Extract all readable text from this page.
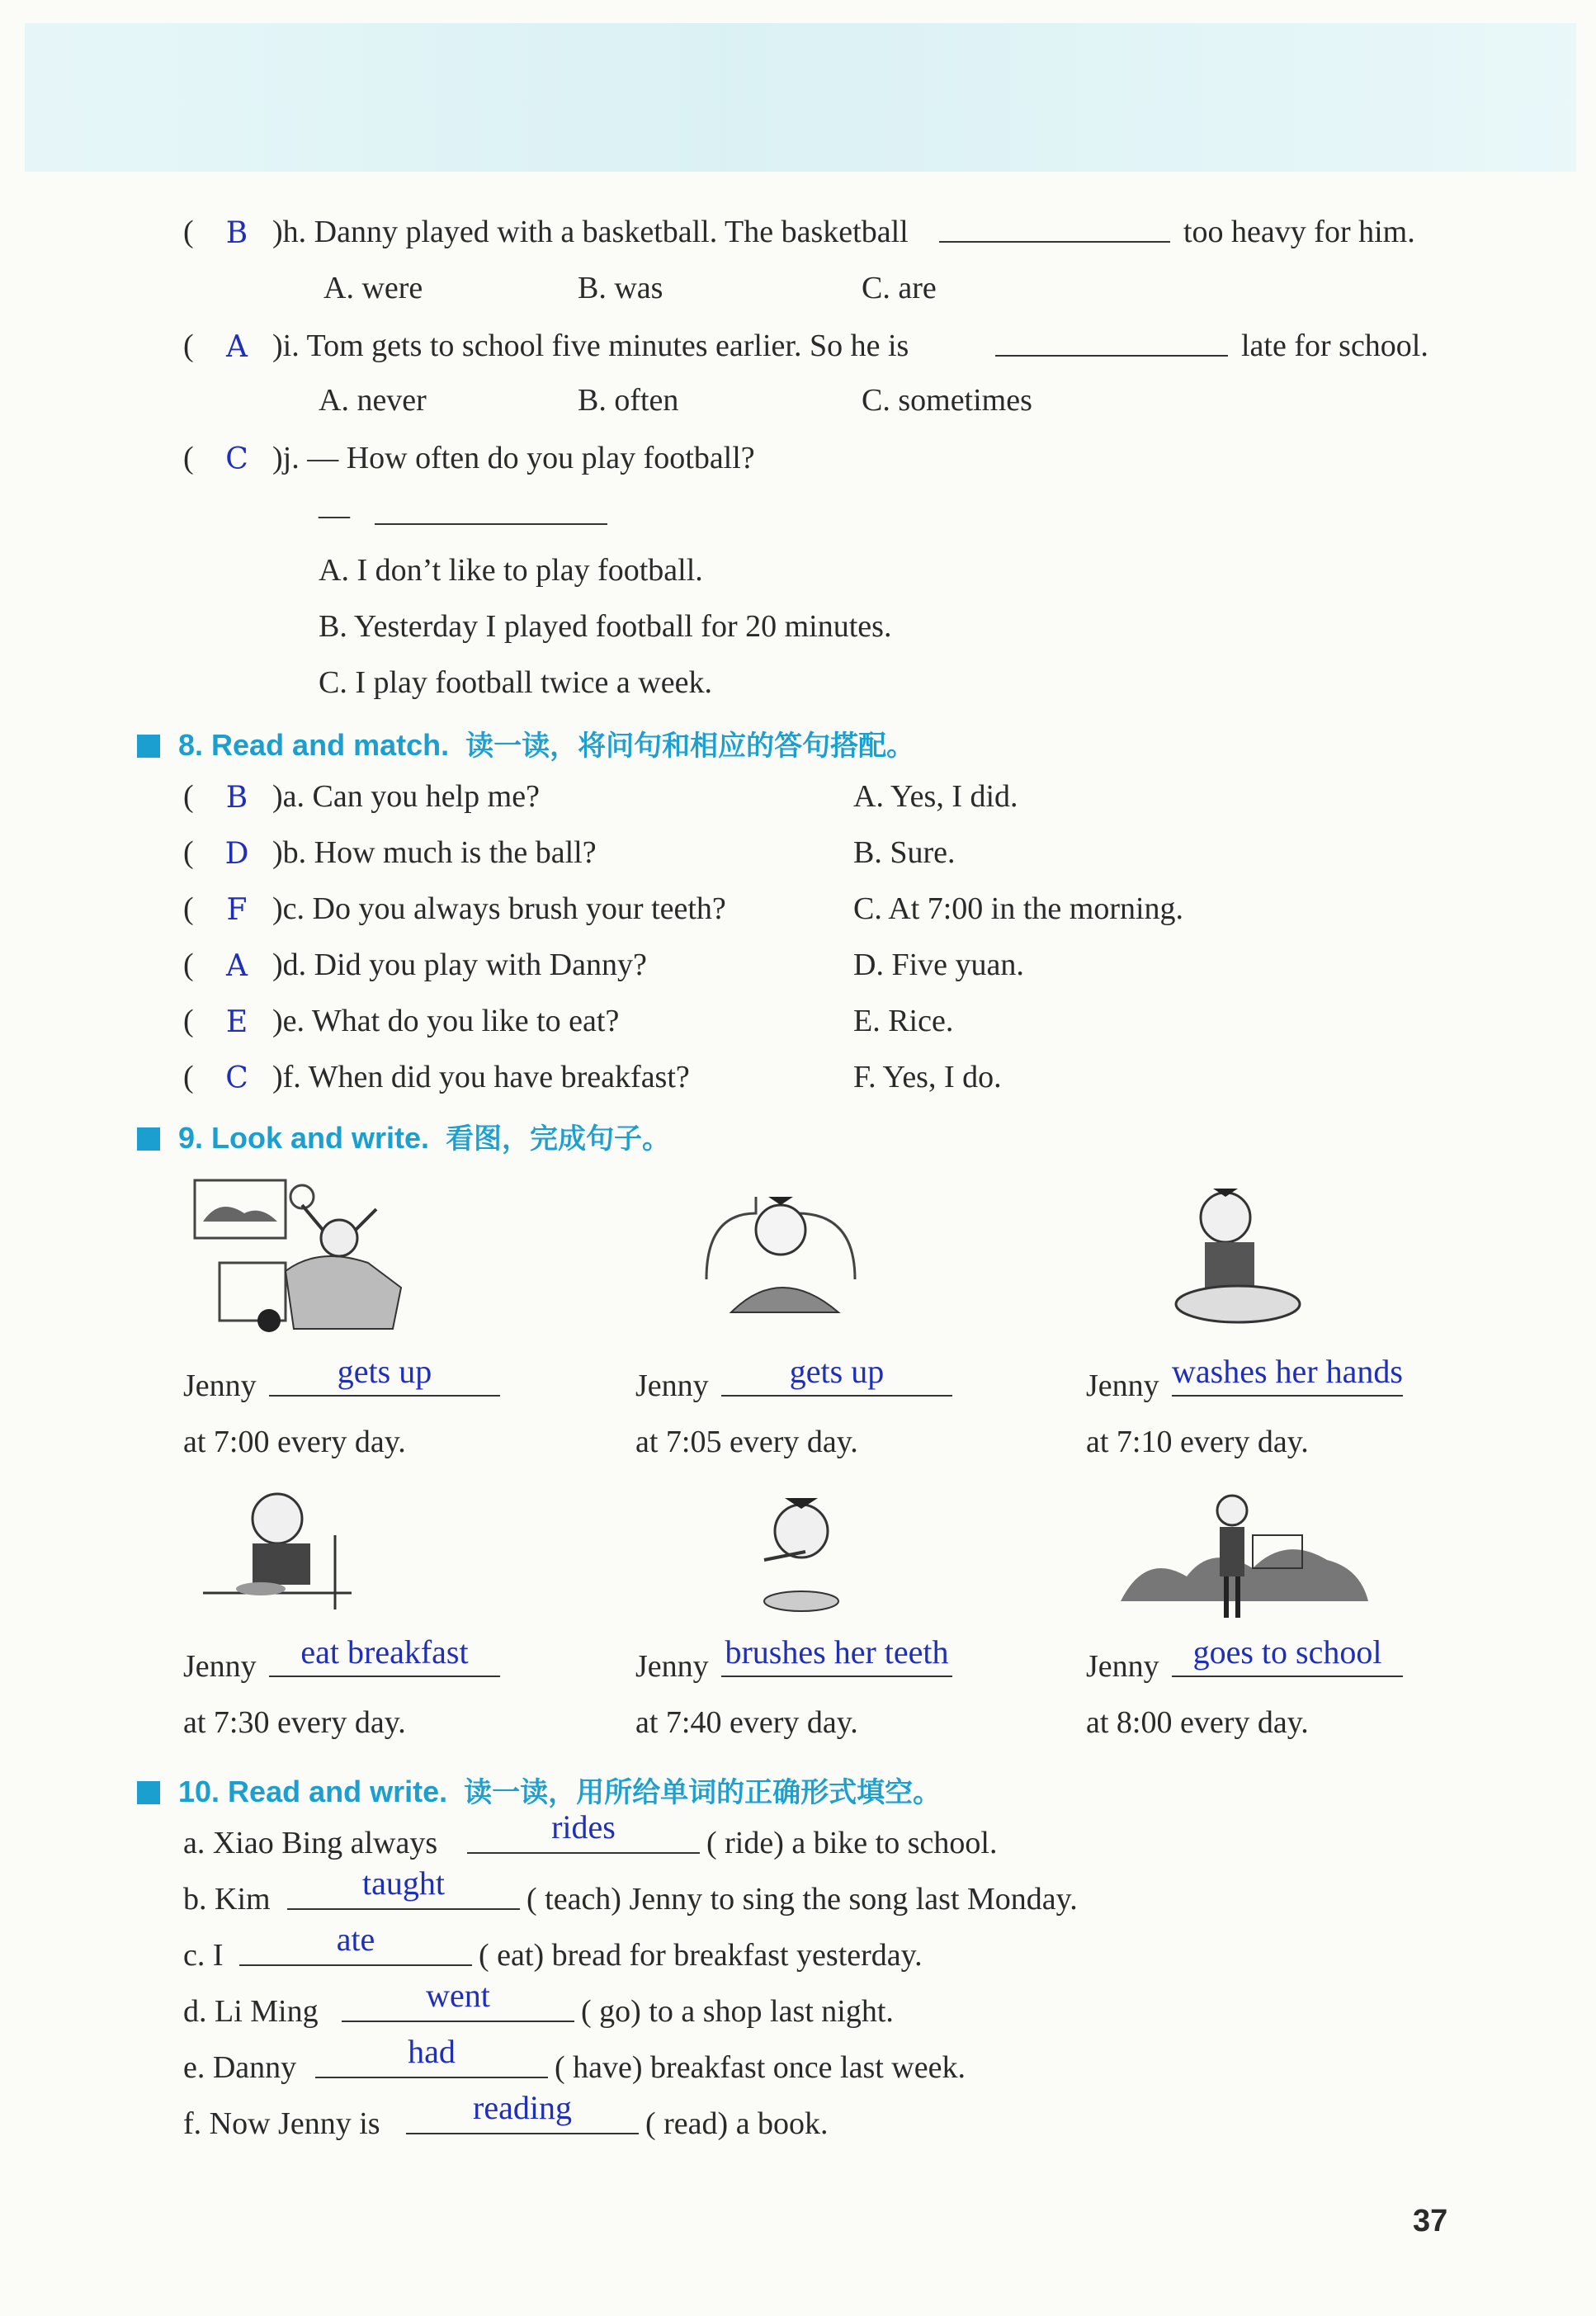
(	B )h. Danny played with a basketball. The basketball	too heavy for him.
A. were	B. was	C. are
(	A )i. Tom gets to school five minutes earlier. So he is	late for school.
A. never	B. often	C. sometimes
(	C )j. — How often do you play football?
—
A. I don’t like to play football.
B. Yesterday I played football for 20 minutes.
C. I play football twice a week.
8. Read and match. 读一读，将问句和相应的答句搭配。
(	B )a. Can you help me?	A. Yes, I did.
( D )b. How much is the ball?	B. Sure.
(	F )c. Do you always brush your teeth?	C. At 7:00 in the morning.
(	A )d. Did you play with Danny?	D. Five yuan.
(	E )e. What do you like to eat?	E. Rice.
(	C )f. When did you have breakfast?	F. Yes, I do.
9. Look and write. 看图，完成句子。
Jenny	gets up
at 7:00 every day.
Jenny	gets up
at 7:05 every day.
Jenny washes her hands
at 7:10 every day.
Jenny	eat breakfast
at 7:30 every day.
Jenny brushes her teeth
at 7:40 every day.
Jenny	goes to school
at 8:00 every day.
10. Read and write. 读一读，用所给单词的正确形式填空。
a. Xiao Bing always	rides	( ride) a bike to school.
b. Kim	taught	( teach) Jenny to sing the song last Monday.
c. I	ate	( eat) bread for breakfast yesterday.
d. Li Ming	went	( go) to a shop last night.
e. Danny	had	( have) breakfast once last week.
f. Now Jenny is	reading	( read) a book.
37
